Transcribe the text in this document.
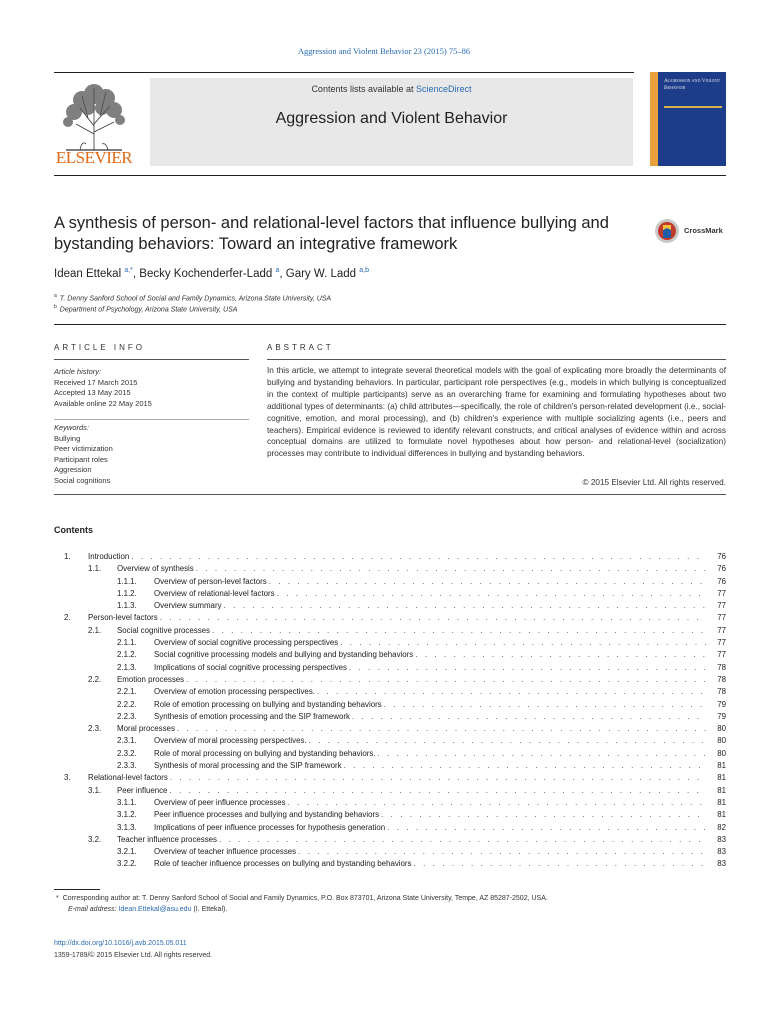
Aggression and Violent Behavior 23 (2015) 75–86
ELSEVIER
Contents lists available at ScienceDirect
Aggression and Violent Behavior
Aggression and Violent Behavior
A synthesis of person- and relational-level factors that influence bullying and bystanding behaviors: Toward an integrative framework
CrossMark
Idean Ettekal $^{a,*}$, Becky Kochenderfer-Ladd $^a$, Gary W. Ladd $^{a,b}$
$^a$ T. Denny Sanford School of Social and Family Dynamics, Arizona State University, USA
$^b$ Department of Psychology, Arizona State University, USA
ARTICLE INFO	ABSTRACT
Article history:
Received 17 March 2015
Accepted 13 May 2015
Available online 22 May 2015
Keywords:
Bullying
Peer victimization
Participant roles
Aggression
Social cognitions
In this article, we attempt to integrate several theoretical models with the goal of explicating more broadly the determinants of bullying and bystanding behaviors. In particular, participant role perspectives (e.g., models in which bullying is conceptualized in the context of multiple participants) serve as an overarching frame for examining and formulating hypotheses about two additional types of determinants: (a) child attributes—specifically, the role of children's person-related development (i.e., social-cognitive, emotion, and moral processing), and (b) children's experience with multiple socializing agents (i.e., peers and teachers). Empirical evidence is reviewed to identify relevant constructs, and critical analyses of evidence within and across conceptual domains are utilized to formulate novel hypotheses about how person- and relational-level (socialization) processes may contribute to individual differences in bullying and bystanding behaviors.
© 2015 Elsevier Ltd. All rights reserved.
Contents
1. Introduction . . .	76
1.1. Overview of synthesis . . .	76
1.1.1. Overview of person-level factors . . .	76
1.1.2. Overview of relational-level factors . . .	77
1.1.3. Overview summary . . .	77
2. Person-level factors . . .	77
2.1. Social cognitive processes . . .	77
2.1.1. Overview of social cognitive processing perspectives . . .	77
2.1.2. Social cognitive processing models and bullying and bystanding behaviors . . .	77
2.1.3. Implications of social cognitive processing perspectives . . .	78
2.2. Emotion processes . . .	78
2.2.1. Overview of emotion processing perspectives. . . .	78
2.2.2. Role of emotion processing on bullying and bystanding behaviors . . .	79
2.2.3. Synthesis of emotion processing and the SIP framework . . .	79
2.3. Moral processes . . .	80
2.3.1. Overview of moral processing perspectives. . . .	80
2.3.2. Role of moral processing on bullying and bystanding behaviors. . . .	80
2.3.3. Synthesis of moral processing and the SIP framework . . .	81
3. Relational-level factors . . .	81
3.1. Peer influence . . .	81
3.1.1. Overview of peer influence processes . . .	81
3.1.2. Peer influence processes and bullying and bystanding behaviors . . .	81
3.1.3. Implications of peer influence processes for hypothesis generation . . .	82
3.2. Teacher influence processes . . .	83
3.2.1. Overview of teacher influence processes . . .	83
3.2.2. Role of teacher influence processes on bullying and bystanding behaviors . . .	83
* Corresponding author at: T. Denny Sanford School of Social and Family Dynamics, P.O. Box 873701, Arizona State University, Tempe, AZ 85287-2502, USA.
E-mail address: Idean.Ettekal@asu.edu (I. Ettekal).
http://dx.doi.org/10.1016/j.avb.2015.05.011
1359-1789/© 2015 Elsevier Ltd. All rights reserved.
